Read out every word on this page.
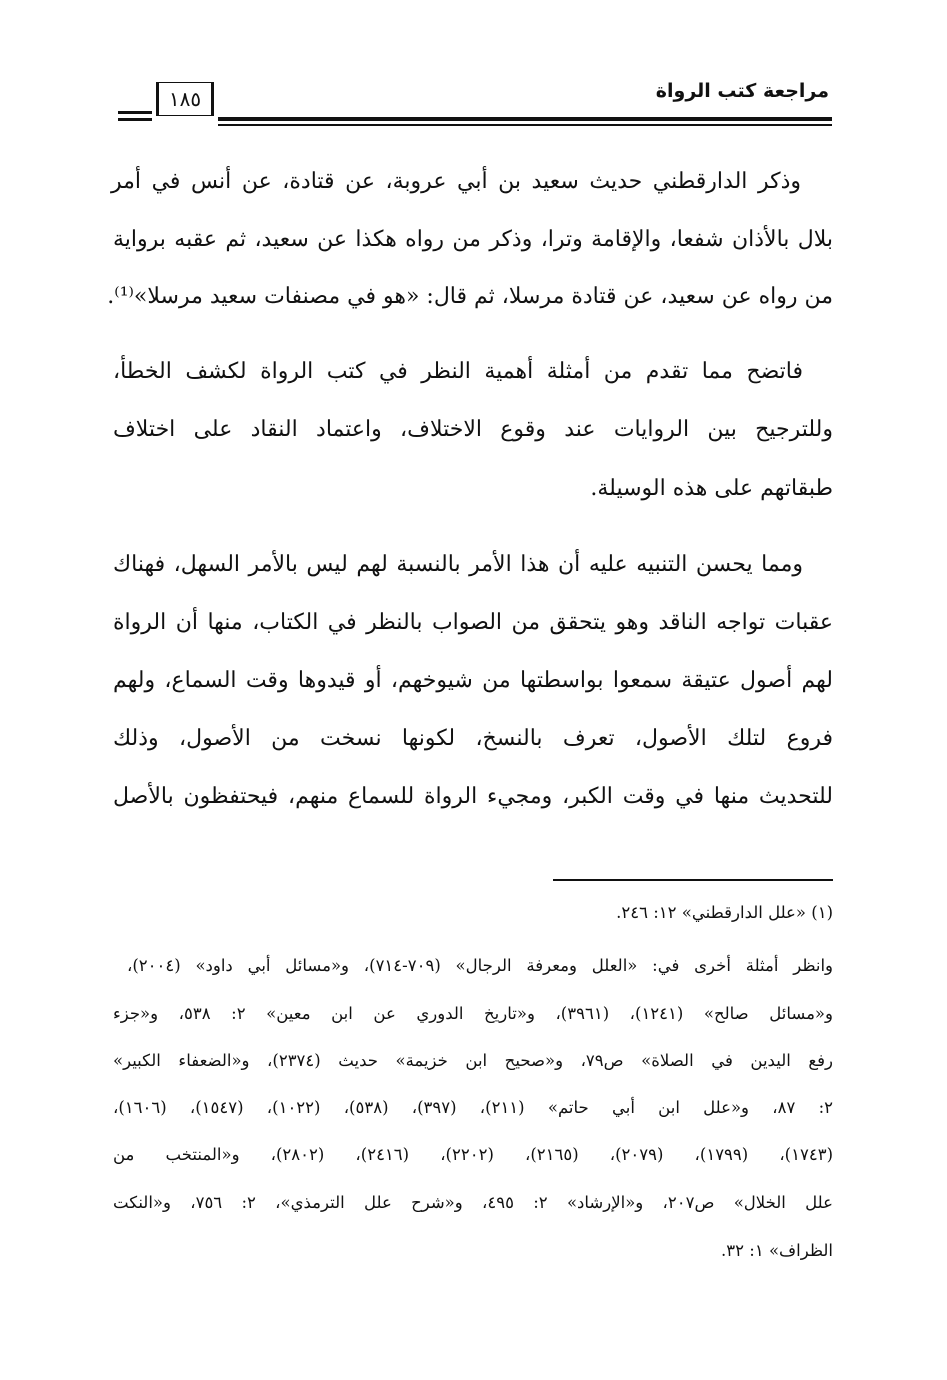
مراجعة كتب الرواة
١٨٥
وذكر الدارقطني حديث سعيد بن أبي عروبة، عن قتادة، عن أنس في أمر
بلال بالأذان شفعا، والإقامة وترا، وذكر من رواه هكذا عن سعيد، ثم عقبه برواية
من رواه عن سعيد، عن قتادة مرسلا، ثم قال: «هو في مصنفات سعيد مرسلا»⁽¹⁾.
فاتضح مما تقدم من أمثلة أهمية النظر في كتب الرواة لكشف الخطأ،
وللترجيح بين الروايات عند وقوع الاختلاف، واعتماد النقاد على اختلاف
طبقاتهم على هذه الوسيلة.
ومما يحسن التنبيه عليه أن هذا الأمر بالنسبة لهم ليس بالأمر السهل، فهناك
عقبات تواجه الناقد وهو يتحقق من الصواب بالنظر في الكتاب، منها أن الرواة
لهم أصول عتيقة سمعوا بواسطتها من شيوخهم، أو قيدوها وقت السماع، ولهم
فروع لتلك الأصول، تعرف بالنسخ، لكونها نسخت من الأصول، وذلك
للتحديث منها في وقت الكبر، ومجيء الرواة للسماع منهم، فيحتفظون بالأصل
(١) «علل الدارقطني» ١٢: ٢٤٦.
وانظر أمثلة أخرى في: «العلل ومعرفة الرجال» (٧٠٩-٧١٤)، و«مسائل أبي داود» (٢٠٠٤)،
و«مسائل صالح» (١٢٤١)، (٣٩٦١)، و«تاريخ الدوري عن ابن معين» ٢: ٥٣٨، و«جزء
رفع اليدين في الصلاة» ص٧٩، و«صحيح ابن خزيمة» حديث (٢٣٧٤)، و«الضعفاء الكبير»
٢: ٨٧، و«علل ابن أبي حاتم» (٢١١)، (٣٩٧)، (٥٣٨)، (١٠٢٢)، (١٥٤٧)، (١٦٠٦)،
(١٧٤٣)، (١٧٩٩)، (٢٠٧٩)، (٢١٦٥)، (٢٢٠٢)، (٢٤١٦)، (٢٨٠٢)، و«المنتخب من
علل الخلال» ص٢٠٧، و«الإرشاد» ٢: ٤٩٥، و«شرح علل الترمذي»، ٢: ٧٥٦، و«النكت
الظراف» ١: ٣٢.
